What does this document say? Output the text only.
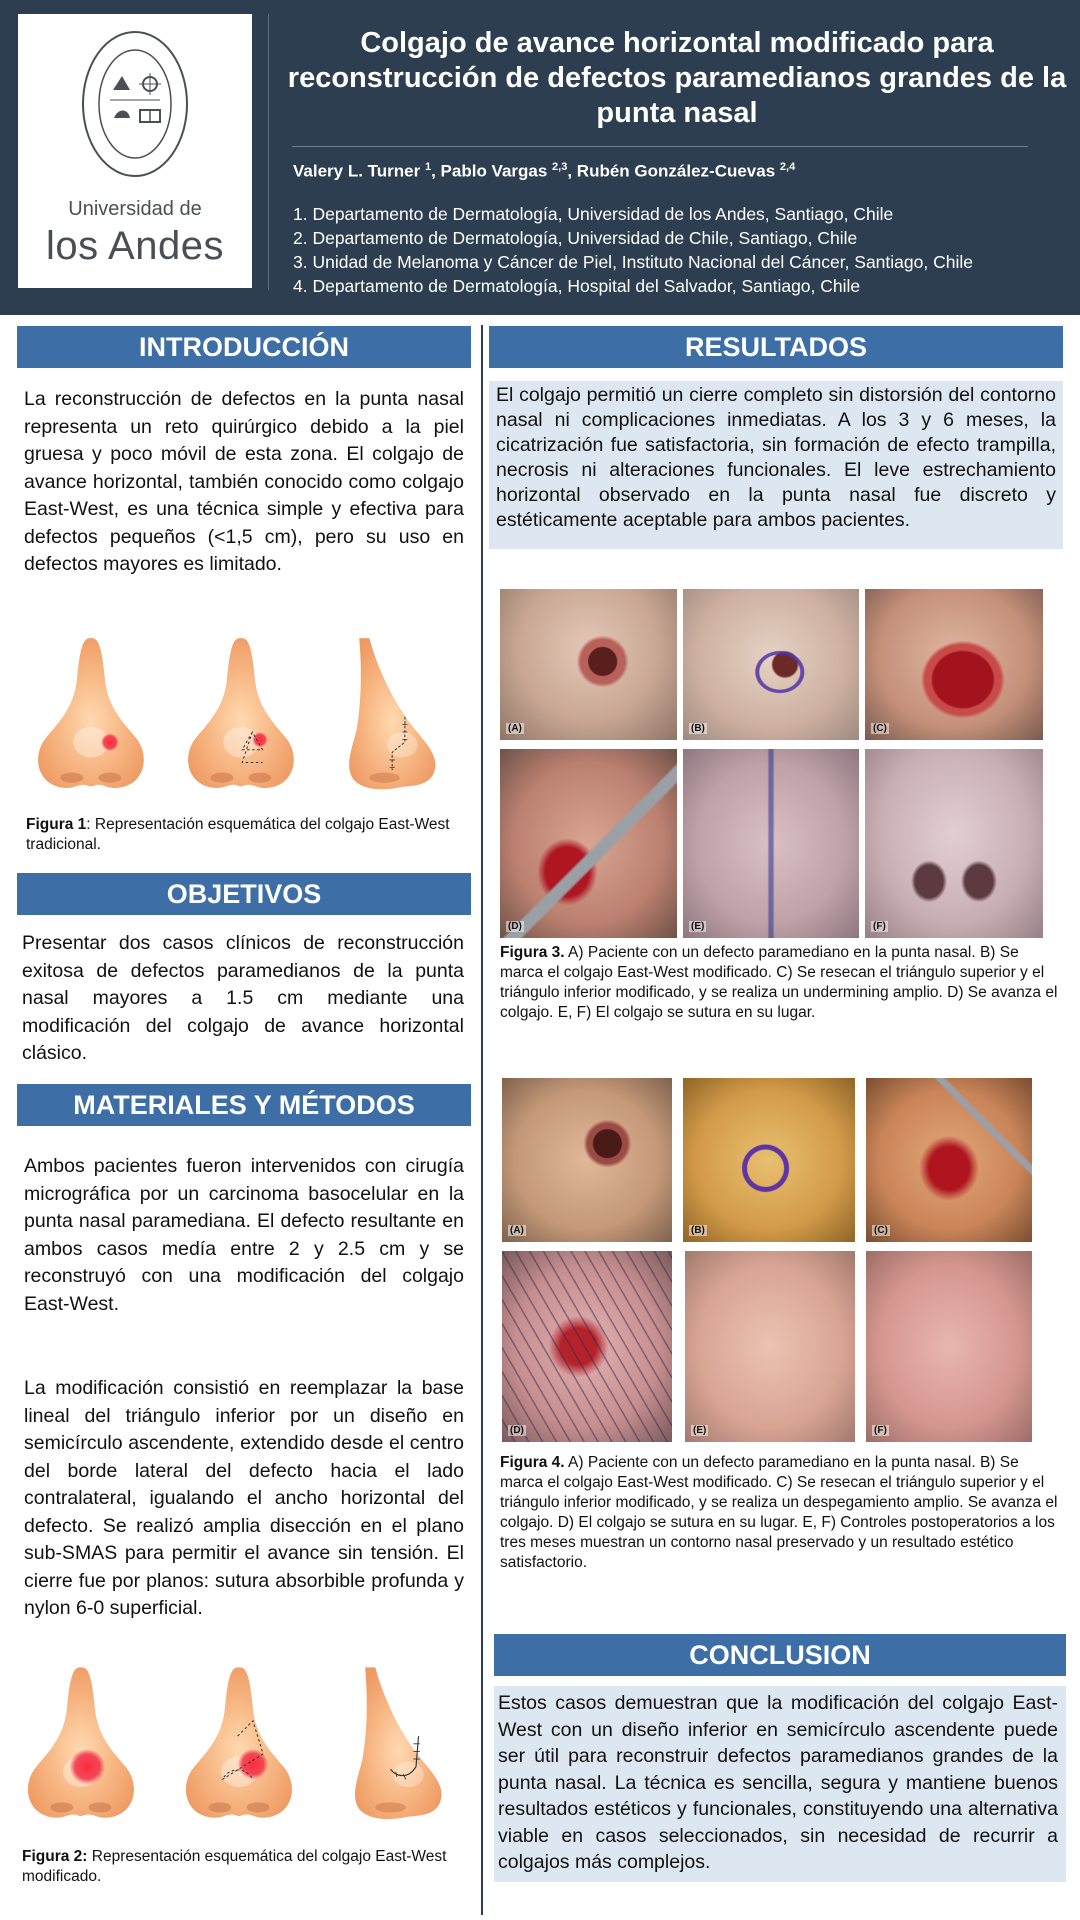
Universidad de
los Andes
Colgajo de avance horizontal modificado para reconstrucción de defectos paramedianos grandes de la punta nasal
Valery L. Turner $^1$, Pablo Vargas $^{2,3}$, Rubén González-Cuevas $^{2,4}$
1. Departamento de Dermatología, Universidad de los Andes, Santiago, Chile
2. Departamento de Dermatología, Universidad de Chile, Santiago, Chile
3. Unidad de Melanoma y Cáncer de Piel, Instituto Nacional del Cáncer, Santiago, Chile
4. Departamento de Dermatología, Hospital del Salvador, Santiago, Chile
INTRODUCCIÓN
La reconstrucción de defectos en la punta nasal representa un reto quirúrgico debido a la piel gruesa y poco móvil de esta zona. El colgajo de avance horizontal, también conocido como colgajo East-West, es una técnica simple y efectiva para defectos pequeños (<1,5 cm), pero su uso en defectos mayores es limitado.
Figura 1: Representación esquemática del colgajo East-West tradicional.
OBJETIVOS
Presentar dos casos clínicos de reconstrucción exitosa de defectos paramedianos de la punta nasal mayores a 1.5 cm mediante una modificación del colgajo de avance horizontal clásico.
MATERIALES Y MÉTODOS
Ambos pacientes fueron intervenidos con cirugía micrográfica por un carcinoma basocelular en la punta nasal paramediana. El defecto resultante en ambos casos medía entre 2 y 2.5 cm y se reconstruyó con una modificación del colgajo East-West.
La modificación consistió en reemplazar la base lineal del triángulo inferior por un diseño en semicírculo ascendente, extendido desde el centro del borde lateral del defecto hacia el lado contralateral, igualando el ancho horizontal del defecto. Se realizó amplia disección en el plano sub-SMAS para permitir el avance sin tensión. El cierre fue por planos: sutura absorbible profunda y nylon 6-0 superficial.
Figura 2: Representación esquemática del colgajo East-West modificado.
RESULTADOS
El colgajo permitió un cierre completo sin distorsión del contorno nasal ni complicaciones inmediatas. A los 3 y 6 meses, la cicatrización fue satisfactoria, sin formación de efecto trampilla, necrosis ni alteraciones funcionales. El leve estrechamiento horizontal observado en la punta nasal fue discreto y estéticamente aceptable para ambos pacientes.
(A)	(B)	(C)
(D)	(E)	(F)
Figura 3. A) Paciente con un defecto paramediano en la punta nasal. B) Se marca el colgajo East-West modificado. C) Se resecan el triángulo superior y el triángulo inferior modificado, y se realiza un undermining amplio. D) Se avanza el colgajo. E, F) El colgajo se sutura en su lugar.
(A)	(B)	(C)
(D)	(E)	(F)
Figura 4. A) Paciente con un defecto paramediano en la punta nasal. B) Se marca el colgajo East-West modificado. C) Se resecan el triángulo superior y el triángulo inferior modificado, y se realiza un despegamiento amplio. Se avanza el colgajo. D) El colgajo se sutura en su lugar. E, F) Controles postoperatorios a los tres meses muestran un contorno nasal preservado y un resultado estético satisfactorio.
CONCLUSION
Estos casos demuestran que la modificación del colgajo East-West con un diseño inferior en semicírculo ascendente puede ser útil para reconstruir defectos paramedianos grandes de la punta nasal. La técnica es sencilla, segura y mantiene buenos resultados estéticos y funcionales, constituyendo una alternativa viable en casos seleccionados, sin necesidad de recurrir a colgajos más complejos.
